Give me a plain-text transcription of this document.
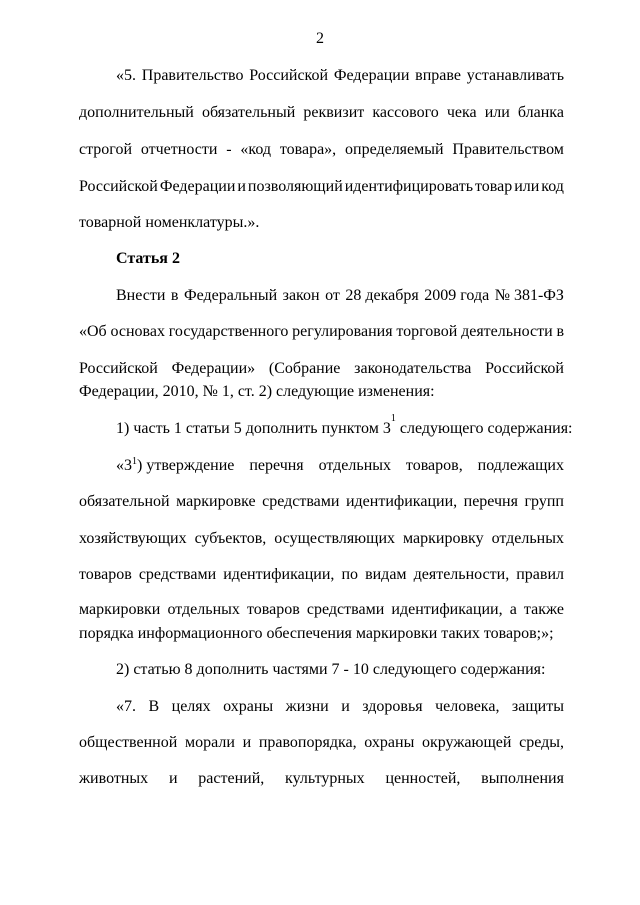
2
«5. Правительство Российской Федерации вправе устанавливать
дополнительный обязательный реквизит кассового чека или бланка
строгой отчетности - «код товара», определяемый Правительством
Российской Федерации и позволяющий идентифицировать товар или код
товарной номенклатуры.».
Статья 2
Внести в Федеральный закон от 28 декабря 2009 года № 381-ФЗ
«Об основах государственного регулирования торговой деятельности в
Российской Федерации» (Собрание законодательства Российской
Федерации, 2010, № 1, ст. 2) следующие изменения:
1) часть 1 статьи 5 дополнить пунктом 3
1
следующего содержания:
«$3^1$) утверждение перечня отдельных товаров, подлежащих
обязательной маркировке средствами идентификации, перечня групп
хозяйствующих субъектов, осуществляющих маркировку отдельных
товаров средствами идентификации, по видам деятельности, правил
маркировки отдельных товаров средствами идентификации, а также
порядка информационного обеспечения маркировки таких товаров;»;
2) статью 8 дополнить частями 7 - 10 следующего содержания:
«7. В целях охраны жизни и здоровья человека, защиты
общественной морали и правопорядка, охраны окружающей среды,
животных и растений, культурных ценностей, выполнения
